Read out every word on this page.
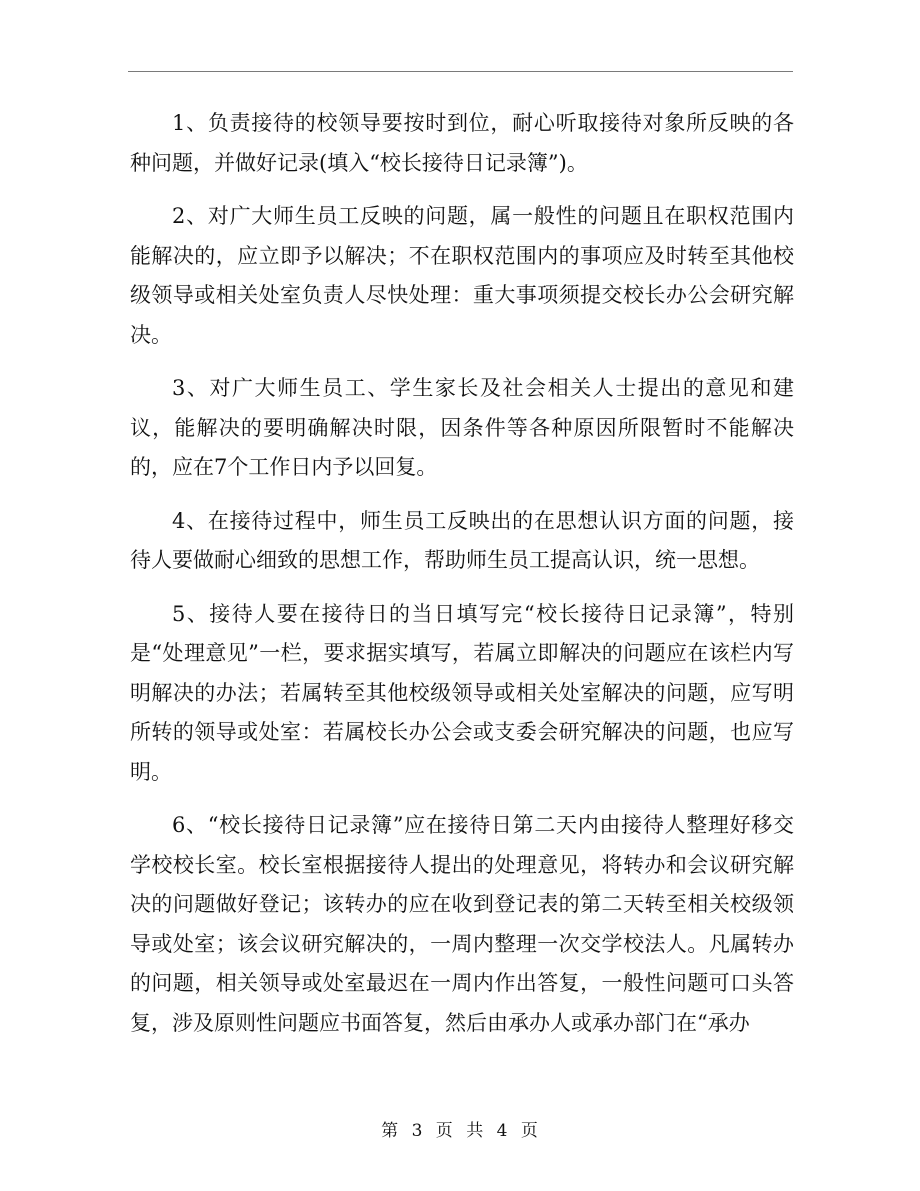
1、负责接待的校领导要按时到位，耐心听取接待对象所反映的各种问题，并做好记录(填入“校长接待日记录簿”)。

2、对广大师生员工反映的问题，属一般性的问题且在职权范围内能解决的，应立即予以解决；不在职权范围内的事项应及时转至其他校级领导或相关处室负责人尽快处理：重大事项须提交校长办公会研究解决。

3、对广大师生员工、学生家长及社会相关人士提出的意见和建议，能解决的要明确解决时限，因条件等各种原因所限暂时不能解决的，应在7个工作日内予以回复。

4、在接待过程中，师生员工反映出的在思想认识方面的问题，接待人要做耐心细致的思想工作，帮助师生员工提高认识，统一思想。

5、接待人要在接待日的当日填写完“校长接待日记录簿”，特别是“处理意见”一栏，要求据实填写，若属立即解决的问题应在该栏内写明解决的办法；若属转至其他校级领导或相关处室解决的问题，应写明所转的领导或处室：若属校长办公会或支委会研究解决的问题，也应写明。

6、“校长接待日记录簿”应在接待日第二天内由接待人整理好移交学校校长室。校长室根据接待人提出的处理意见，将转办和会议研究解决的问题做好登记；该转办的应在收到登记表的第二天转至相关校级领导或处室；该会议研究解决的，一周内整理一次交学校法人。凡属转办的问题，相关领导或处室最迟在一周内作出答复，一般性问题可口头答复，涉及原则性问题应书面答复，然后由承办人或承办部门在“承办

第 3 页 共 4 页
